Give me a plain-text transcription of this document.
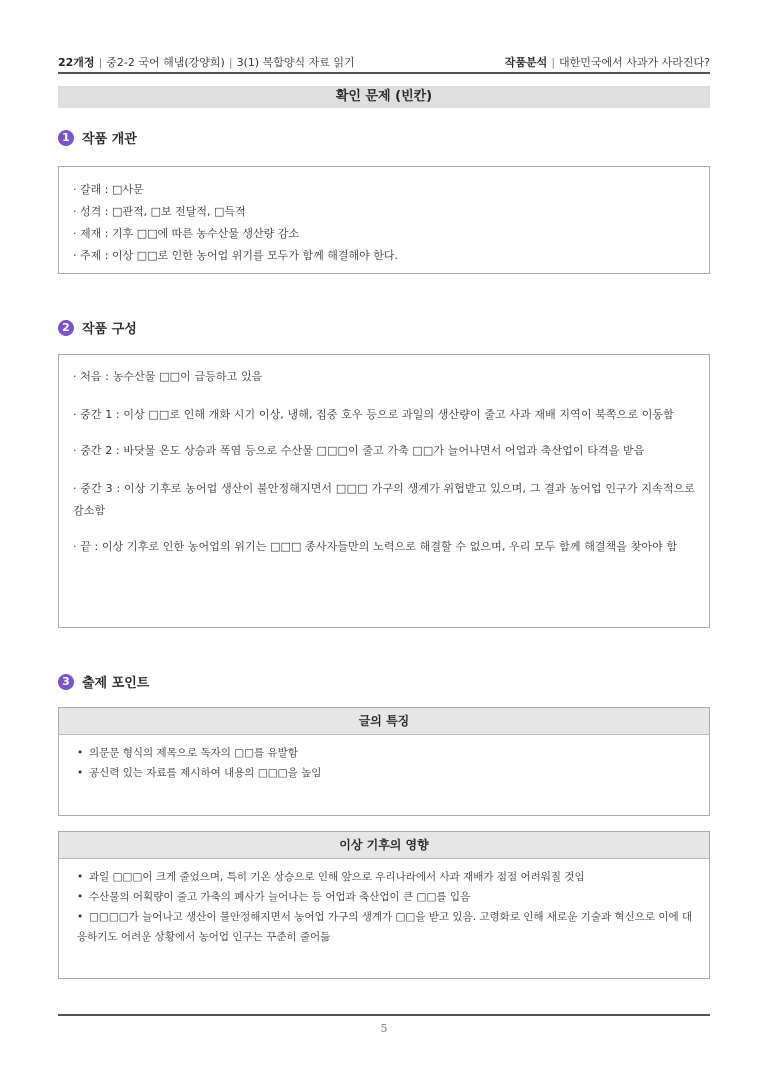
22개정 | 중2-2 국어 해냄(강양희) | 3(1) 복합양식 자료 읽기	작품분석 | 대한민국에서 사과가 사라진다?
확인 문제 (빈칸)
1 작품 개관
· 갈래 : □사문
· 성격 : □관적, □보 전달적, □득적
· 제재 : 기후 □□에 따른 농수산물 생산량 감소
· 주제 : 이상 □□로 인한 농어업 위기를 모두가 함께 해결해야 한다.
2 작품 구성
· 처음 : 농수산물 □□이 급등하고 있음
· 중간 1 : 이상 □□로 인해 개화 시기 이상, 냉해, 집중 호우 등으로 과일의 생산량이 줄고 사과 재배 지역이 북쪽으로 이동함
· 중간 2 : 바닷물 온도 상승과 폭염 등으로 수산물 □□□이 줄고 가축 □□가 늘어나면서 어업과 축산업이 타격을 받음
· 중간 3 : 이상 기후로 농어업 생산이 불안정해지면서 □□□ 가구의 생계가 위협받고 있으며, 그 결과 농어업 인구가 지속적으로 감소함
· 끝 : 이상 기후로 인한 농어업의 위기는 □□□ 종사자들만의 노력으로 해결할 수 없으며, 우리 모두 함께 해결책을 찾아야 함
3 출제 포인트
글의 특징
• 의문문 형식의 제목으로 독자의 □□를 유발함
• 공신력 있는 자료를 제시하여 내용의 □□□을 높임
이상 기후의 영향
• 과일 □□□이 크게 줄었으며, 특히 기온 상승으로 인해 앞으로 우리나라에서 사과 재배가 점점 어려워질 것임
• 수산물의 어획량이 줄고 가축의 폐사가 늘어나는 등 어업과 축산업이 큰 □□를 입음
• □□□□가 늘어나고 생산이 불안정해지면서 농어업 가구의 생계가 □□을 받고 있음. 고령화로 인해 새로운 기술과 혁신으로 이에 대응하기도 어려운 상황에서 농어업 인구는 꾸준히 줄어듦
5
